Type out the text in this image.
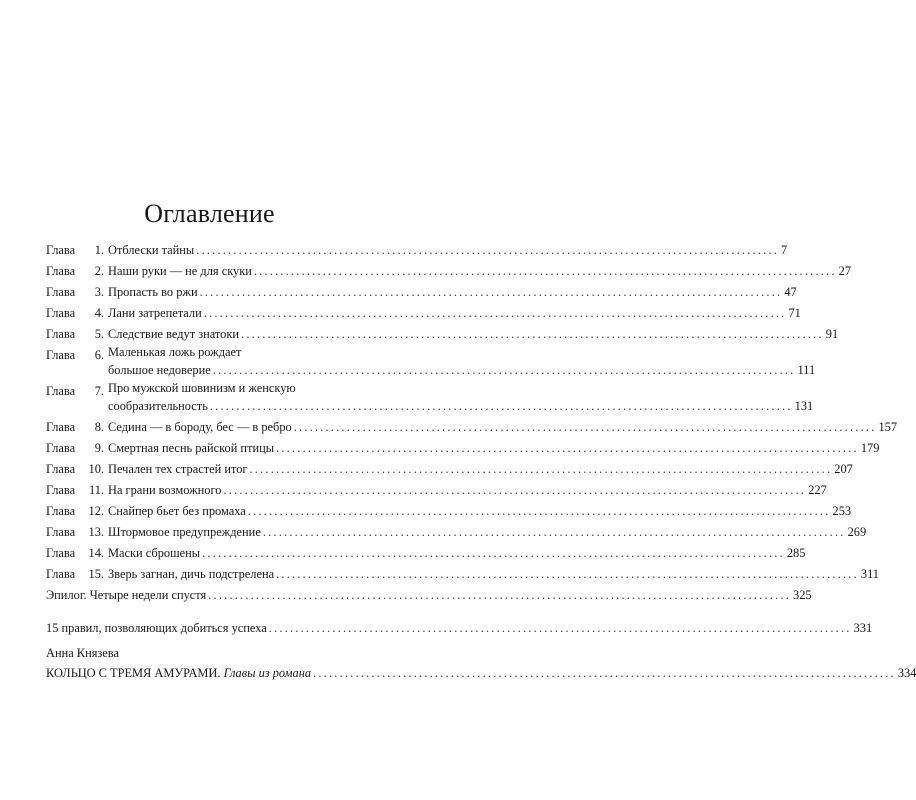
Оглавление
Глава	1. Отблески тайны .....	7
Глава	2. Наши руки — не для скуки .....	27
Глава	3. Пропасть во ржи .....	47
Глава	4. Лани затрепетали .....	71
Глава	5. Следствие ведут знатоки .....	91
Глава	6. Маленькая ложь рождает
большое недоверие .....	111
Глава	7. Про мужской шовинизм и женскую
сообразительность .....	131
Глава	8. Седина — в бороду, бес — в ребро .....	157
Глава	9. Смертная песнь райской птицы .....	179
Глава	10. Печален тех страстей итог .....	207
Глава	11. На грани возможного .....	227
Глава	12. Снайпер бьет без промаха .....	253
Глава	13. Штормовое предупреждение .....	269
Глава	14. Маски сброшены .....	285
Глава	15. Зверь загнан, дичь подстрелена .....	311
Эпилог. Четыре недели спустя .....	325
15 правил, позволяющих добиться успеха .....	331
Анна Князева
КОЛЬЦО С ТРЕМЯ АМУРАМИ. Главы из романа .....	334
